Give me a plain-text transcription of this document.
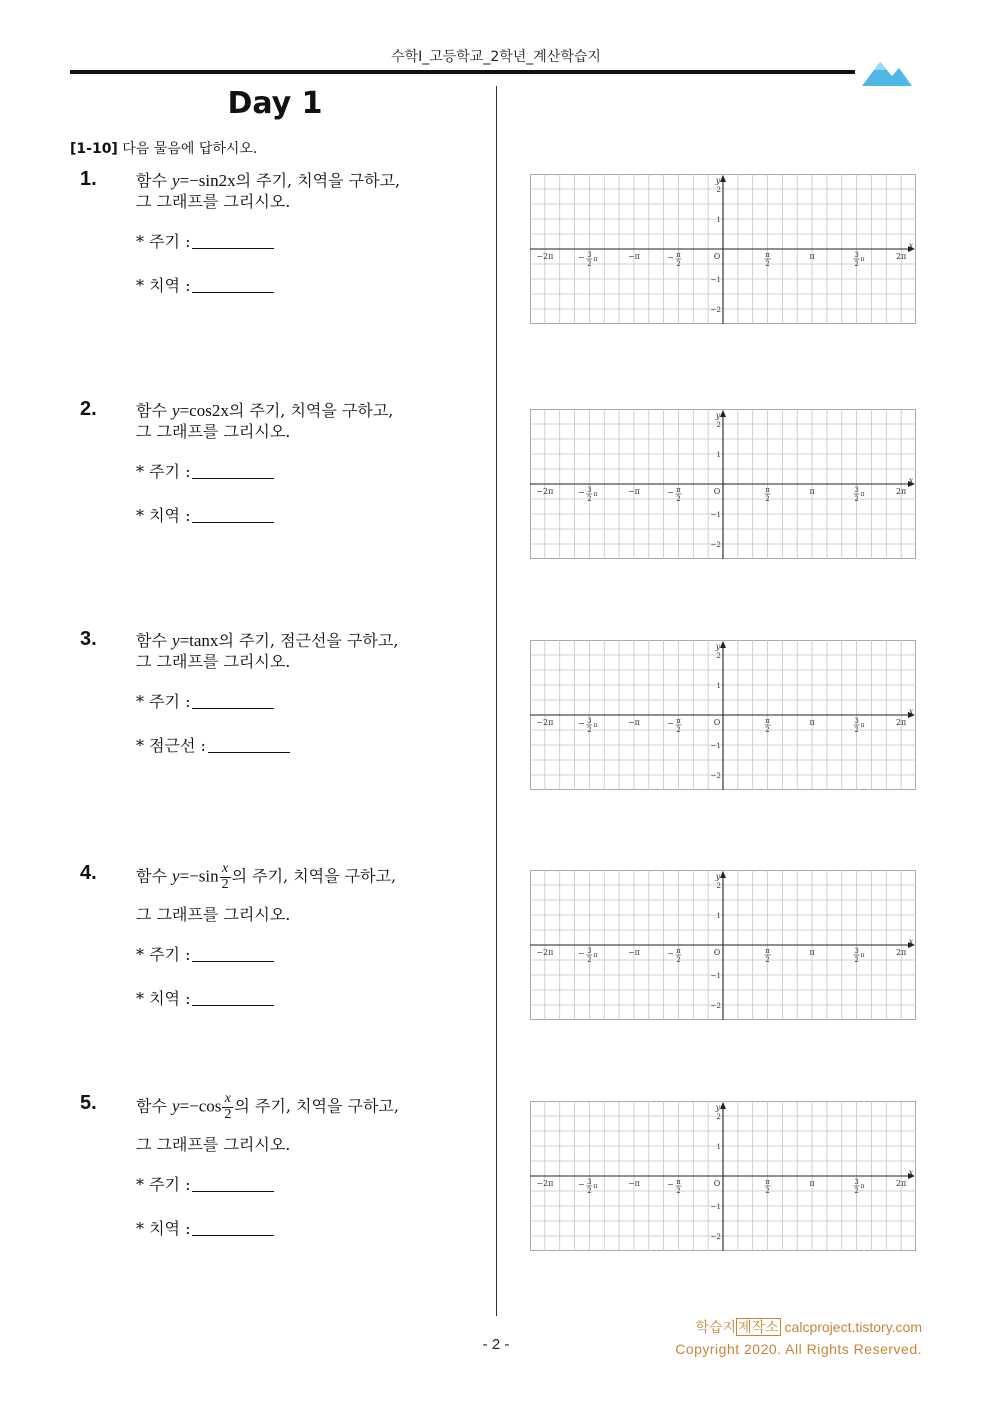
수학I_고등학교_2학년_계산학습지
Day 1
[1-10] 다음 물음에 답하시오.
1. 함수 y=−sin2x의 주기, 치역을 구하고,
그 그래프를 그리시오.
* 주기 :
* 치역 :
2. 함수 y=cos2x의 주기, 치역을 구하고,
그 그래프를 그리시오.
* 주기 :
* 치역 :
3. 함수 y=tanx의 주기, 점근선을 구하고,
그 그래프를 그리시오.
* 주기 :
* 점근선 :
4. 함수 $y=-\sin \frac{x}{2}$ 의 주기, 치역을 구하고,
그 그래프를 그리시오.
* 주기 :
* 치역 :
5. 함수 $y=-\cos \frac{x}{2}$ 의 주기, 치역을 구하고,
그 그래프를 그리시오.
* 주기 :
* 치역 :
−2π	− 3
2
π	−π	− π
2
O	π
2
π	3
2
π	2π
x
y
2
1
−1
−2
−2π	− 3
2
π	−π	− π
2
O	π
2
π	3
2
π	2π
x
y
2
1
−1
−2
−2π	− 3
2
π	−π	− π
2
O	π
2
π	3
2
π	2π
x
y
2
1
−1
−2
−2π	− 3
2
π	−π	− π
2
O	π
2
π	3
2
π	2π
x
y
2
1
−1
−2
−2π	− 3
2
π	−π	− π
2
O	π
2
π	3
2
π	2π
x
y
2
1
−1
−2
- 2 -
학습지 제작소 calcproject.tistory.com
Copyright 2020. All Rights Reserved.
